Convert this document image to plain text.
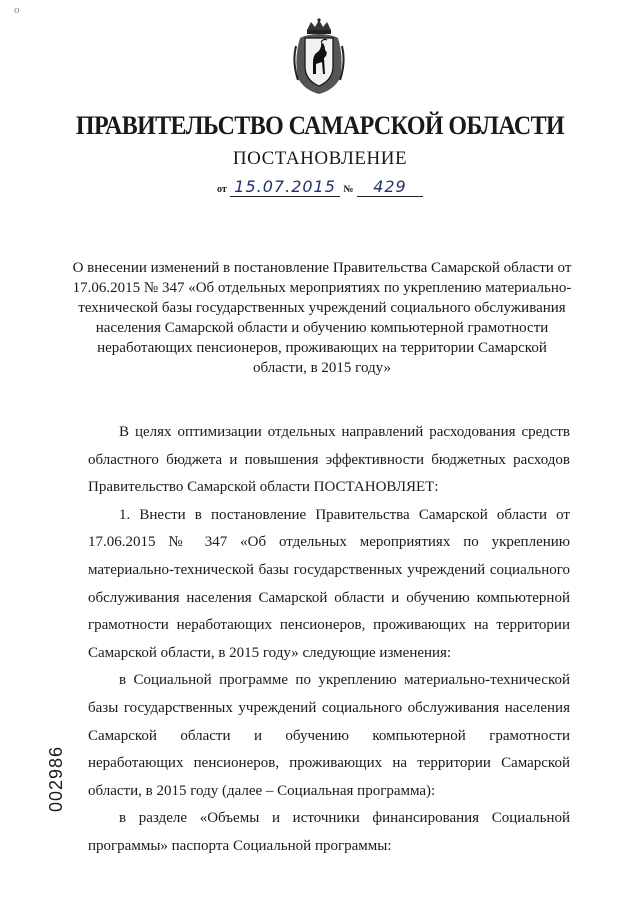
o
ПРАВИТЕЛЬСТВО САМАРСКОЙ ОБЛАСТИ
ПОСТАНОВЛЕНИЕ
от 15.07.2015 № 429
О внесении изменений в постановление Правительства Самарской области от 17.06.2015 № 347 «Об отдельных мероприятиях по укреплению материально-технической базы государственных учреждений социального обслуживания населения Самарской области и обучению компьютерной грамотности неработающих пенсионеров, проживающих на территории Самарской области, в 2015 году»

В целях оптимизации отдельных направлений расходования средств областного бюджета и повышения эффективности бюджетных расходов Правительство Самарской области ПОСТАНОВЛЯЕТ:

1. Внести в постановление Правительства Самарской области от 17.06.2015 № 347 «Об отдельных мероприятиях по укреплению материально-технической базы государственных учреждений социального обслуживания населения Самарской области и обучению компьютерной грамотности неработающих пенсионеров, проживающих на территории Самарской области, в 2015 году» следующие изменения:

в Социальной программе по укреплению материально-технической базы государственных учреждений социального обслуживания населения Самарской области и обучению компьютерной грамотности неработающих пенсионеров, проживающих на территории Самарской области, в 2015 году (далее – Социальная программа):

в разделе «Объемы и источники финансирования Социальной программы» паспорта Социальной программы:

002986
